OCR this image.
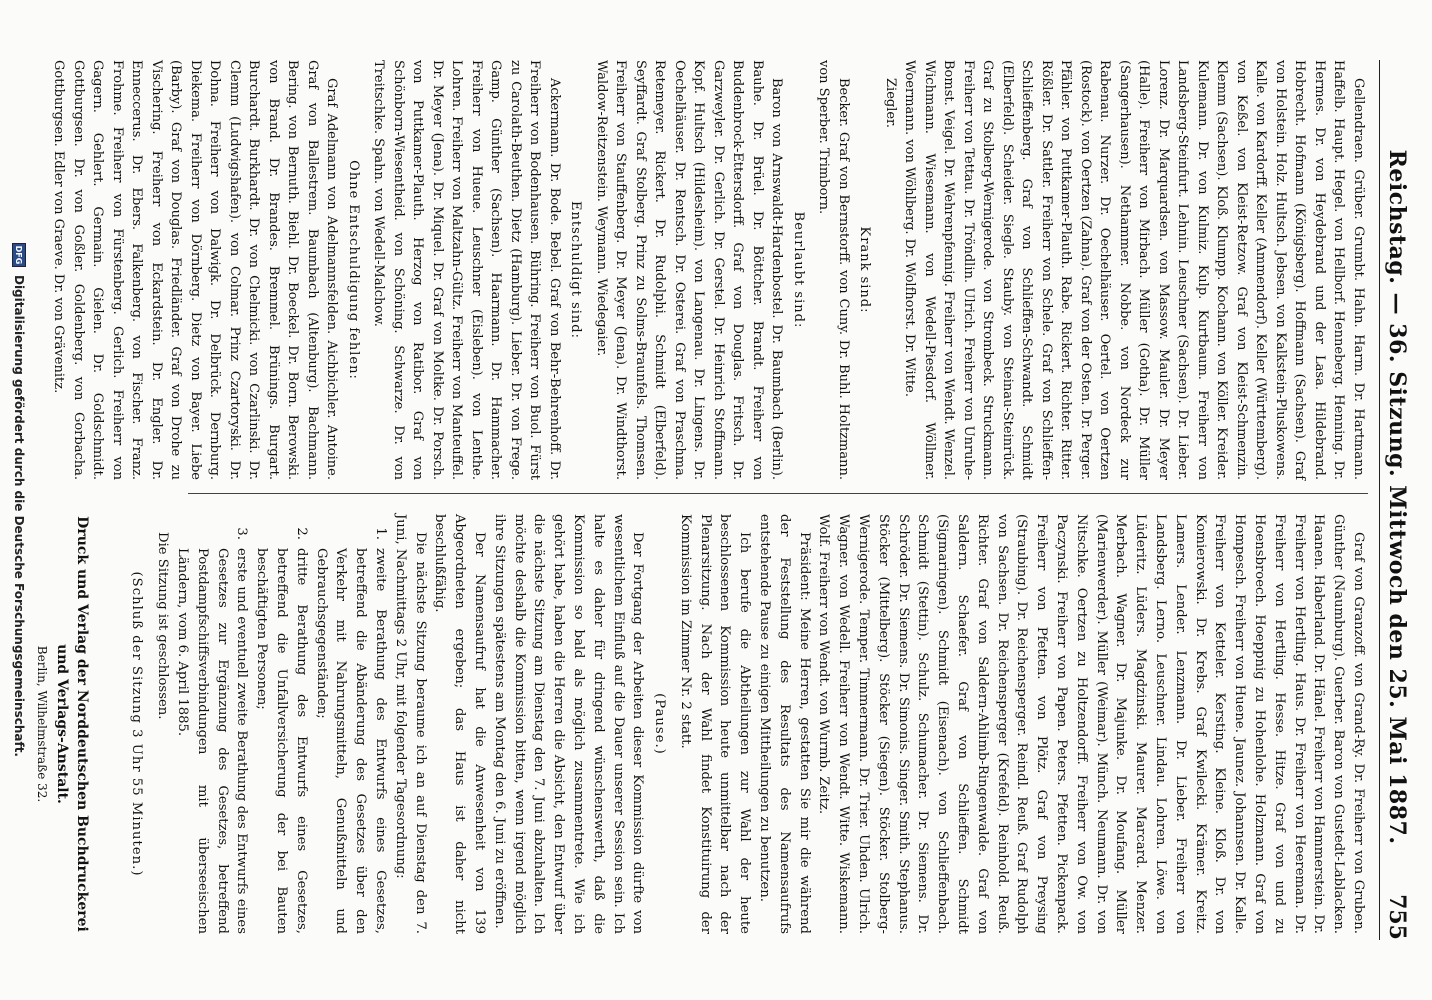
Reichstag. — 36. Sitzung. Mittwoch den 25. Mai 1887.
755

Gellendraen. Grüber. Grumbt. Hahn. Harm. Dr. Hartmann. Haffelb. Haupt. Hegel. von Hellborf. Henneberg. Henning. Dr. Hermes. Dr. von Heydebrand und der Lasa. Hildebrand. Hobrecht. Hofmann (Königsberg). Hoffmann (Sachsen). Graf von Holstein. Holz. Hultsch. Jebsen. von Kalkstein-Pluskowens. Kalle. von Kardorff. Keller (Ammendorf). Keller (Württemberg). von Keßel. von Kleist-Retzow. Graf von Kleist-Schmenzin. Klemm (Sachsen). Kloß. Klumpp. Kochann. von Köller. Kreider. Kulemann. Dr. von Kulmiz. Kulp. Kurtbaum. Freiherr von Landsberg-Steinfurt. Lehnin. Leuschner (Sachsen). Dr. Lieber. Lorenz. Dr. Marquardsen. von Massow. Mauler. Dr. Meyer (Halle). Freiherr von Mirbach. Müller (Gotha). Dr. Müller (Sangerhausen). Nethammer. Nobbe. von Nordeck zur Rabenau. Nurzer. Dr. Oechelhäuser. Oertel. von Oertzen (Rostock). von Oertzen (Zahna). Graf von der Osten. Dr. Perger. Pfähler. von Puttkamer-Plauth. Rabe. Rickert. Richter. Ritter. Rößler. Dr. Sattler. Freiherr von Schele. Graf von Schlieffen-Schlieffenberg. Graf von Schlieffen-Schwandt. Schmidt (Elberfeld). Scheider. Siegle. Stauby. von Steinau-Steinrück. Graf zu Stolberg-Wernigerode. von Strombeck. Struckmann. Freiherr von Tettau. Dr. Tröndlin. Ulrich. Freiherr von Unruhe-Bomst. Veigel. Dr. Wehrenpfennig. Freiherr von Wendt. Wenzel. Wichmann. Wiesemann. von Wedell-Piesdorf. Wöllmer. Woermann. von Wöhlberg. Dr. Wolfhorst. Dr. Witte.

Ziegler.

Krank sind:

Becker. Graf von Bernstorff. von Cuny. Dr. Buhl. Holtzmann. von Sperber. Trimborn.

Beurlaubt sind:

Baron von Arnswaldt-Hardenbostel. Dr. Baumbach (Berlin). Bauhe. Dr. Brüel. Dr. Böttcher. Brandt. Freiherr von Buddenbrock-Ettersdorff. Graf von Douglas. Fritsch. Dr. Garzweyler. Dr. Gerlich. Dr. Gerstel. Dr. Heinrich Stoffmann. Kopf. Hultsch (Hildesheim). von Langenau. Dr. Lingens. Dr. Oechelhäuser. Dr. Rentsch. Dr. Osterei. Graf von Praschma. Retemeyer. Rickert. Dr. Rudolphi. Schmidt (Elberfeld). Seyffardt. Graf Stolberg. Prinz zu Solms-Braunfels. Thomsen. Freiherr von Stauffenberg. Dr. Meyer (Jena). Dr. Windthorst. Waldow-Reitzenstein. Weymann. Wiedegaier.

Entschuldigt sind:

Ackermann. Dr. Bode. Bebel. Graf von Behr-Behrenhoff. Dr. Freiherr von Bodenhausen. Bühring. Freiherr von Buol. Fürst zu Carolath-Beuthen. Dietz (Hamburg). Lieber. Dr. von Frege. Gamp. Günther (Sachsen). Haarmann. Dr. Hammacher. Freiherr von Hueue. Leuschner (Eisleben). von Lenthe. Lohren. Freiherr von Maltzahn-Gültz. Freiherr von Manteuffel. Dr. Meyer (Jena). Dr. Miquel. Dr. Graf von Moltke. Dr. Porsch. von Puttkamer-Plauth. Herzog von Ratibor. Graf von Schönborn-Wiesentheid. von Schöning. Schwarze. Dr. von Treitschke. Spahn. von Wedell-Malchow.

Ohne Entschuldigung fehlen:

Graf Adelmann von Adelmannsfelden. Aichbichler. Antoine. Graf von Ballestrem. Baumbach (Altenburg). Bachmann. Bering. von Bernuth. Biehl. Dr. Boeckel. Dr. Born. Berowski. von Brand. Dr. Brandes. Bremmel. Brünings. Burgart. Burchardt. Burkhardt. Dr. von Chelmicki. von Czarlinski. Dr. Clemm (Ludwigshafen). von Colmar. Prinz Czartoryski. Dr. Dohna. Freiherr von Dalwigk. Dr. Delbrück. Dernburg. Diekema. Freiherr von Dörnberg. Dietz von Bayer. Liebe (Barby). Graf von Douglas. Friedländer. Graf von Drohe zu Vischering. Freiherr von Eckardstein. Dr. Engler. Dr. Enneccerus. Dr. Ebers. Falkenberg. von Fischer. Franz. Frohme. Freiherr von Fürstenberg. Gerlich. Freiherr von Gagern. Gehlert. Germain. Gielen. Dr. Goldschmidt. Gottburgsen. Dr. von Goßler. Goldenberg. von Gorbacha. Gottburgsen. Edler von Graeve. Dr. von Grävenitz.

Graf von Granzoff. von Grand-Ry. Dr. Freiherr von Gruben. Günther (Naumburg). Guerber. Baron von Gustedt-Lablacken. Haanen. Haberland. Dr. Hänel. Freiherr von Hammerstein. Dr. Freiherr von Hertling. Haus. Dr. Freiherr von Heereman. Dr. Freiherr von Hertling. Hesse. Hitze. Graf von und zu Hoensbroech. Hoeppnig zu Hohenlohe. Holzmann. Graf von Hompesch. Freiherr von Huene. Jaunez. Johannsen. Dr. Kalle. Freiherr von Ketteler. Kersting. Kleine. Kloß. Dr. von Komierowski. Dr. Krebs. Graf Kwilecki. Krämer. Kreitz. Lamers. Lender. Lenzmann. Dr. Lieber. Freiherr von Landsberg. Lerno. Leuschner. Lindau. Lohren. Löwe. von Lüderitz. Lüders. Magdzinski. Maurer. Marcard. Menzer. Merbach. Wagner. Dr. Majunke. Dr. Moufang. Müller (Marienwerder). Müller (Weimar). Münch. Neumann. Dr. von Nitschke. Oertzen zu Holtzendorff. Freiherr von Ow. von Paczynski. Freiherr von Papen. Peters. Pfetten. Pickenpack. Freiherr von Pfetten. von Plötz. Graf von Preysing (Straubing). Dr. Reichensperger. Reindl. Reuß. Graf Rudolph von Sachsen. Dr. Reichensperger (Krefeld). Reinhold. Reuß. Richter. Graf von Saldern-Ahlimb-Ringenwalde. Graf von Saldern. Schaefer. Graf von Schlieffen. Schmidt (Sigmaringen). Schmidt (Eisenach). von Schlieffenbach. Schmidt (Stettin). Schulz. Schumacher. Dr. Siemens. Dr. Schröder. Dr. Siemens. Dr. Simonis. Singer. Smith. Stephanus. Stöcker (Mittelberg). Stöcker (Siegen). Stöcker. Stolberg-Wernigerode. Temper. Timmermann. Dr. Trier. Uhden. Ulrich. Wagner. von Wedell. Freiherr von Wendt. Witte. Wiskemann. Wolf. Freiherr von Wendt. von Wurmb. Zeitz.

Präsident: Meine Herren, gestatten Sie mir die während der Feststellung des Resultats des Namensaufrufs entstehende Pause zu einigen Mittheilungen zu benutzen.

Ich berufe die Abtheilungen zur Wahl der heute beschlossenen Kommission heute unmittelbar nach der Plenarsitzung. Nach der Wahl findet Konstituirung der Kommission im Zimmer Nr. 2 statt.

(Pause.)

Der Fortgang der Arbeiten dieser Kommission dürfte von wesentlichem Einfluß auf die Dauer unserer Session sein. Ich halte es daher für dringend wünschenswerth, daß die Kommission so bald als möglich zusammentrete. Wie ich gehört habe, haben die Herren die Absicht, den Entwurf über die nächste Sitzung am Dienstag den 7. Juni abzuhalten. Ich möchte deshalb die Kommission bitten, wenn irgend möglich ihre Sitzungen spätestens am Montag den 6. Juni zu eröffnen.

Der Namensaufruf hat die Anwesenheit von 139 Abgeordneten ergeben; das Haus ist daher nicht beschlußfähig.

Die nächste Sitzung beraume ich an auf Dienstag den 7. Juni, Nachmittags 2 Uhr, mit folgender Tagesordnung:

1.
zweite Berathung des Entwurfs eines Gesetzes, betreffend die Abänderung des Gesetzes über den Verkehr mit Nahrungsmitteln, Genußmitteln und Gebrauchsgegenständen;
2.
dritte Berathung des Entwurfs eines Gesetzes, betreffend die Unfallversicherung der bei Bauten beschäftigten Personen;
3.
erste und eventuell zweite Berathung des Entwurfs eines Gesetzes zur Ergänzung des Gesetzes, betreffend Postdampfschiffsverbindungen mit überseeischen Ländern, vom 6. April 1885.

Die Sitzung ist geschlossen.

(Schluß der Sitzung 3 Uhr 55 Minuten.)

Druck und Verlag der Norddeutschen Buchdruckerei und Verlags-Anstalt.
Berlin, Wilhelmstraße 32.
DFG
Digitalisierung gefördert durch die Deutsche Forschungsgemeinschaft.
